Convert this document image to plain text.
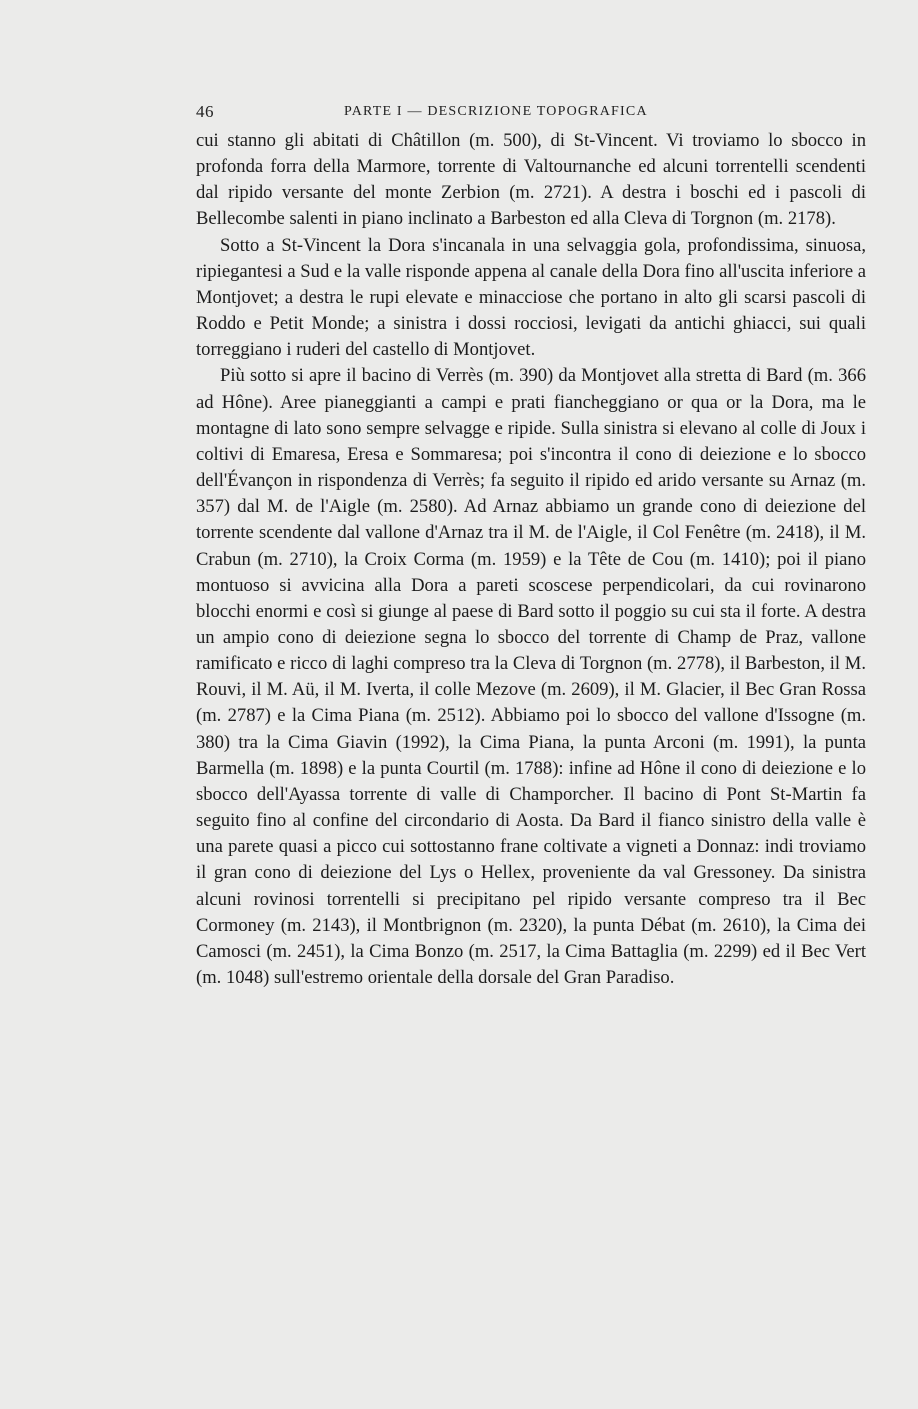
46	PARTE I — DESCRIZIONE TOPOGRAFICA

cui stanno gli abitati di Châtillon (m. 500), di St-Vincent. Vi troviamo lo sbocco in profonda forra della Marmore, torrente di Valtournanche ed alcuni torrentelli scendenti dal ripido versante del monte Zerbion (m. 2721). A destra i boschi ed i pascoli di Bellecombe salenti in piano inclinato a Barbeston ed alla Cleva di Torgnon (m. 2178).

Sotto a St-Vincent la Dora s'incanala in una selvaggia gola, profondissima, sinuosa, ripiegantesi a Sud e la valle risponde appena al canale della Dora fino all'uscita inferiore a Montjovet; a destra le rupi elevate e minacciose che portano in alto gli scarsi pascoli di Roddo e Petit Monde; a sinistra i dossi rocciosi, levigati da antichi ghiacci, sui quali torreggiano i ruderi del castello di Montjovet.

Più sotto si apre il bacino di Verrès (m. 390) da Montjovet alla stretta di Bard (m. 366 ad Hône). Aree pianeggianti a campi e prati fiancheggiano or qua or la Dora, ma le montagne di lato sono sempre selvagge e ripide. Sulla sinistra si elevano al colle di Joux i coltivi di Emaresa, Eresa e Sommaresa; poi s'incontra il cono di deiezione e lo sbocco dell'Évançon in rispondenza di Verrès; fa seguito il ripido ed arido versante su Arnaz (m. 357) dal M. de l'Aigle (m. 2580). Ad Arnaz abbiamo un grande cono di deiezione del torrente scendente dal vallone d'Arnaz tra il M. de l'Aigle, il Col Fenêtre (m. 2418), il M. Crabun (m. 2710), la Croix Corma (m. 1959) e la Tête de Cou (m. 1410); poi il piano montuoso si avvicina alla Dora a pareti scoscese perpendicolari, da cui rovinarono blocchi enormi e così si giunge al paese di Bard sotto il poggio su cui sta il forte. A destra un ampio cono di deiezione segna lo sbocco del torrente di Champ de Praz, vallone ramificato e ricco di laghi compreso tra la Cleva di Torgnon (m. 2778), il Barbeston, il M. Rouvi, il M. Aü, il M. Iverta, il colle Mezove (m. 2609), il M. Glacier, il Bec Gran Rossa (m. 2787) e la Cima Piana (m. 2512). Abbiamo poi lo sbocco del vallone d'Issogne (m. 380) tra la Cima Giavin (1992), la Cima Piana, la punta Arconi (m. 1991), la punta Barmella (m. 1898) e la punta Courtil (m. 1788): infine ad Hône il cono di deiezione e lo sbocco dell'Ayassa torrente di valle di Champorcher. Il bacino di Pont St-Martin fa seguito fino al confine del circondario di Aosta. Da Bard il fianco sinistro della valle è una parete quasi a picco cui sottostanno frane coltivate a vigneti a Donnaz: indi troviamo il gran cono di deiezione del Lys o Hellex, proveniente da val Gressoney. Da sinistra alcuni rovinosi torrentelli si precipitano pel ripido versante compreso tra il Bec Cormoney (m. 2143), il Montbrignon (m. 2320), la punta Débat (m. 2610), la Cima dei Camosci (m. 2451), la Cima Bonzo (m. 2517, la Cima Battaglia (m. 2299) ed il Bec Vert (m. 1048) sull'estremo orientale della dorsale del Gran Paradiso.
